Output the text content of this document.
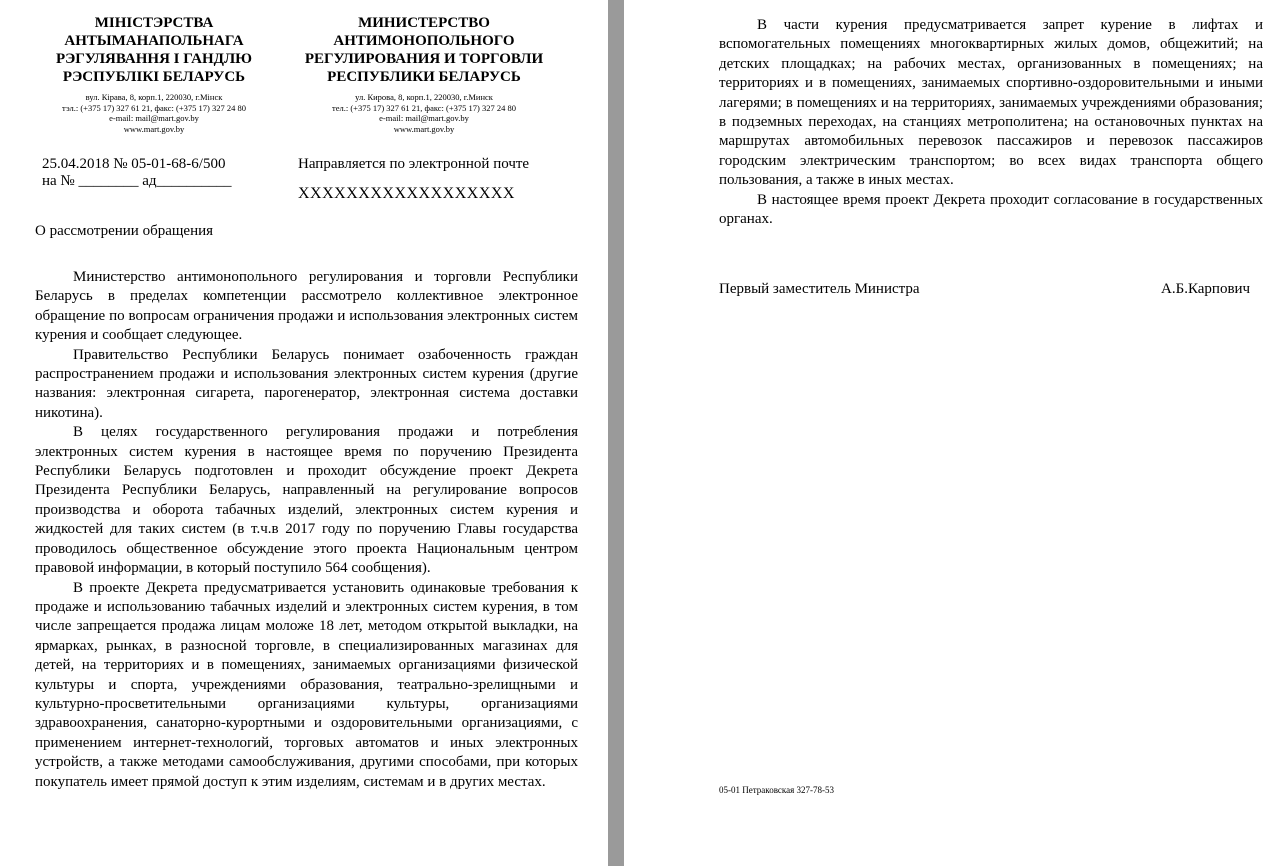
МІНІСТЭРСТВА
АНТЫМАНАПОЛЬНАГА
РЭГУЛЯВАННЯ І ГАНДЛЮ
РЭСПУБЛІКІ БЕЛАРУСЬ
вул. Кірава, 8, корп.1, 220030, г.Мінск
тэл.: (+375 17) 327 61 21, факс: (+375 17) 327 24 80
e-mail: mail@mart.gov.by
www.mart.gov.by
МИНИСТЕРСТВО
АНТИМОНОПОЛЬНОГО
РЕГУЛИРОВАНИЯ И ТОРГОВЛИ
РЕСПУБЛИКИ БЕЛАРУСЬ
ул. Кирова, 8, корп.1, 220030, г.Минск
тел.: (+375 17) 327 61 21, факс: (+375 17) 327 24 80
e-mail: mail@mart.gov.by
www.mart.gov.by
25.04.2018 № 05-01-68-6/500
на № ________ ад__________
Направляется по электронной почте
XXXXXXXXXXXXXXXXXX
О рассмотрении обращения

Министерство антимонопольного регулирования и торговли Республики Беларусь в пределах компетенции рассмотрело коллективное электронное обращение по вопросам ограничения продажи и использования электронных систем курения и сообщает следующее.

Правительство Республики Беларусь понимает озабоченность граждан распространением продажи и использования электронных систем курения (другие названия: электронная сигарета, парогенератор, электронная система доставки никотина).

В целях государственного регулирования продажи и потребления электронных систем курения в настоящее время по поручению Президента Республики Беларусь подготовлен и проходит обсуждение проект Декрета Президента Республики Беларусь, направленный на регулирование вопросов производства и оборота табачных изделий, электронных систем курения и жидкостей для таких систем (в т.ч.в 2017 году по поручению Главы государства проводилось общественное обсуждение этого проекта Национальным центром правовой информации, в который поступило 564 сообщения).

В проекте Декрета предусматривается установить одинаковые требования к продаже и использованию табачных изделий и электронных систем курения, в том числе запрещается продажа лицам моложе 18 лет, методом открытой выкладки, на ярмарках, рынках, в разносной торговле, в специализированных магазинах для детей, на территориях и в помещениях, занимаемых организациями физической культуры и спорта, учреждениями образования, театрально-зрелищными и культурно-просветительными организациями культуры, организациями здравоохранения, санаторно-курортными и оздоровительными организациями, с применением интернет-технологий, торговых автоматов и иных электронных устройств, а также методами самообслуживания, другими способами, при которых покупатель имеет прямой доступ к этим изделиям, системам и в других местах.

В части курения предусматривается запрет курение в лифтах и вспомогательных помещениях многоквартирных жилых домов, общежитий; на детских площадках; на рабочих местах, организованных в помещениях; на территориях и в помещениях, занимаемых спортивно-оздоровительными и иными лагерями; в помещениях и на территориях, занимаемых учреждениями образования; в подземных переходах, на станциях метрополитена; на остановочных пунктах на маршрутах автомобильных перевозок пассажиров и перевозок пассажиров городским электрическим транспортом; во всех видах транспорта общего пользования, а также в иных местах.

В настоящее время проект Декрета проходит согласование в государственных органах.

Первый заместитель Министра	А.Б.Карпович
05-01 Петраковская 327-78-53
